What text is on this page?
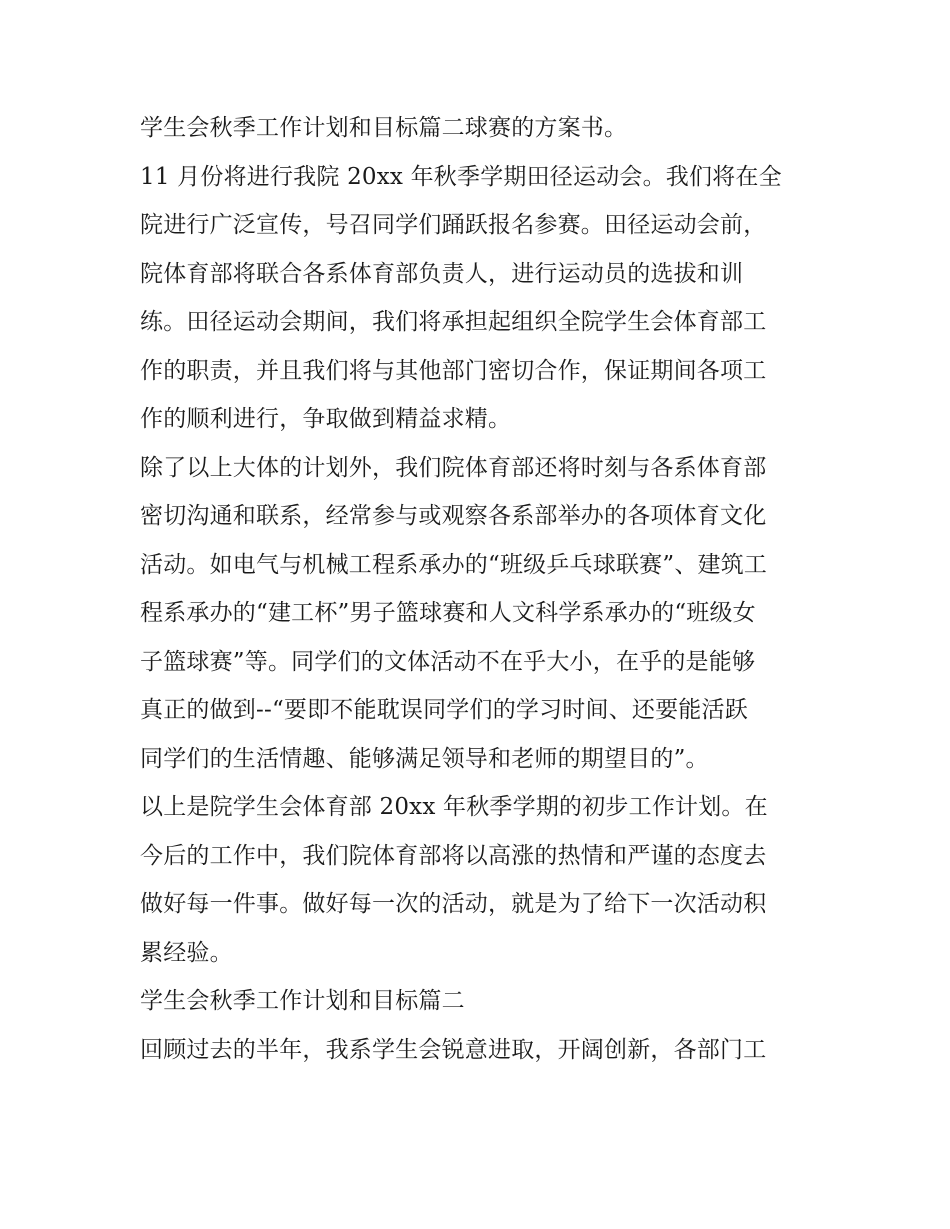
学生会秋季工作计划和目标篇二球赛的方案书。
11 月份将进行我院 20xx 年秋季学期田径运动会。我们将在全
院进行广泛宣传，号召同学们踊跃报名参赛。田径运动会前，
院体育部将联合各系体育部负责人，进行运动员的选拔和训
练。田径运动会期间，我们将承担起组织全院学生会体育部工
作的职责，并且我们将与其他部门密切合作，保证期间各项工
作的顺利进行，争取做到精益求精。
除了以上大体的计划外，我们院体育部还将时刻与各系体育部
密切沟通和联系，经常参与或观察各系部举办的各项体育文化
活动。如电气与机械工程系承办的“班级乒乓球联赛”、建筑工
程系承办的“建工杯”男子篮球赛和人文科学系承办的“班级女
子篮球赛”等。同学们的文体活动不在乎大小，在乎的是能够
真正的做到--“要即不能耽误同学们的学习时间、还要能活跃
同学们的生活情趣、能够满足领导和老师的期望目的”。
以上是院学生会体育部 20xx 年秋季学期的初步工作计划。在
今后的工作中，我们院体育部将以高涨的热情和严谨的态度去
做好每一件事。做好每一次的活动，就是为了给下一次活动积
累经验。
学生会秋季工作计划和目标篇二
回顾过去的半年，我系学生会锐意进取，开阔创新，各部门工
